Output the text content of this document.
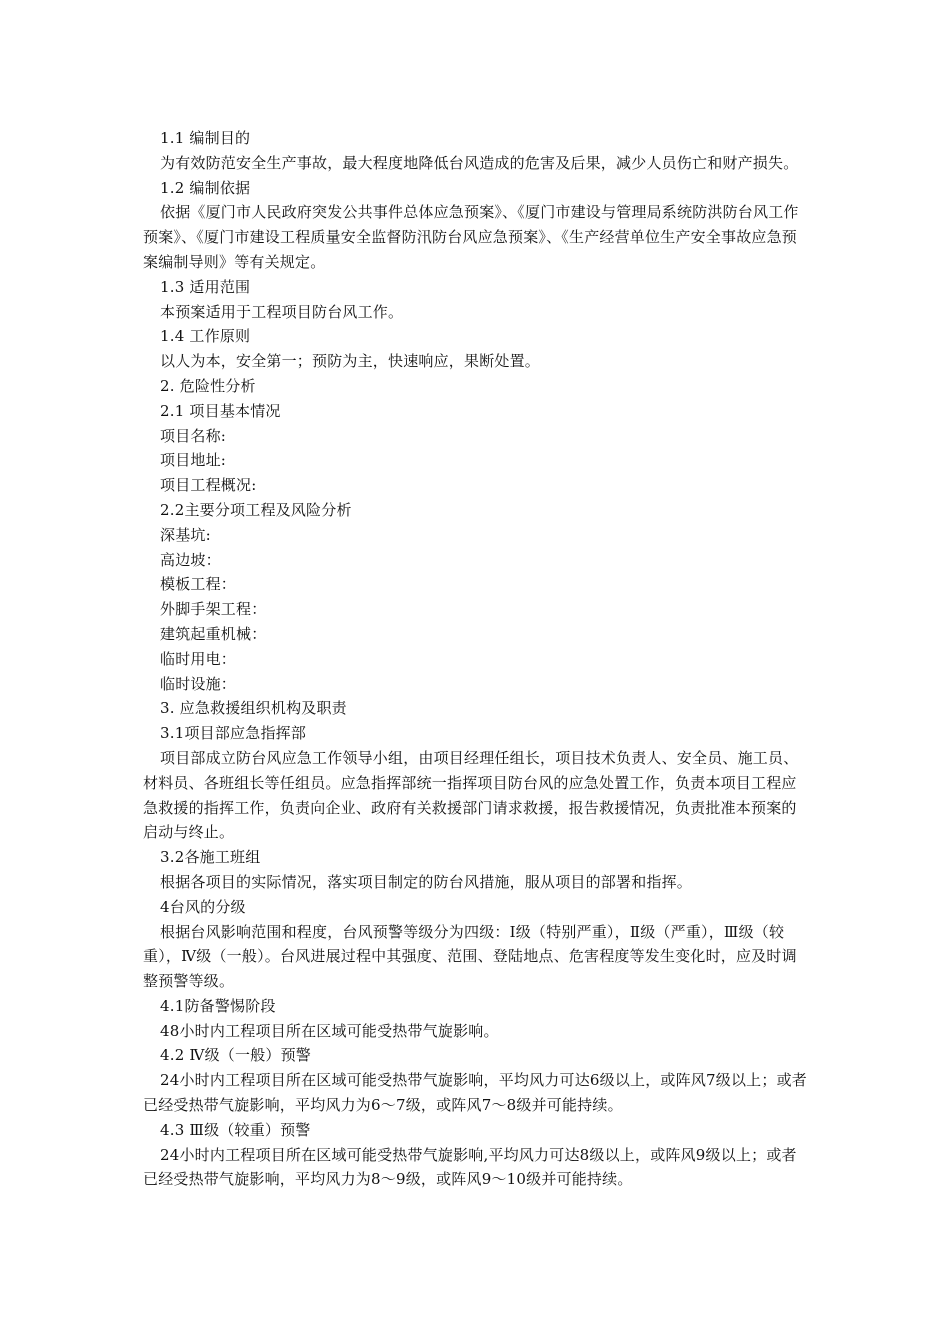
1.1 编制目的

为有效防范安全生产事故，最大程度地降低台风造成的危害及后果，减少人员伤亡和财产损失。

1.2 编制依据

依据《厦门市人民政府突发公共事件总体应急预案》、《厦门市建设与管理局系统防洪防台风工作预案》、《厦门市建设工程质量安全监督防汛防台风应急预案》、《生产经营单位生产安全事故应急预案编制导则》等有关规定。

1.3 适用范围

本预案适用于工程项目防台风工作。

1.4 工作原则

以人为本，安全第一；预防为主，快速响应，果断处置。

2. 危险性分析

2.1 项目基本情况

项目名称:

项目地址:

项目工程概况:

2.2主要分项工程及风险分析

深基坑:

高边坡：

模板工程：

外脚手架工程：

建筑起重机械：

临时用电：

临时设施：

3. 应急救援组织机构及职责

3.1项目部应急指挥部

项目部成立防台风应急工作领导小组，由项目经理任组长，项目技术负责人、安全员、施工员、材料员、各班组长等任组员。应急指挥部统一指挥项目防台风的应急处置工作，负责本项目工程应急救援的指挥工作，负责向企业、政府有关救援部门请求救援，报告救援情况，负责批准本预案的启动与终止。

3.2各施工班组

根据各项目的实际情况，落实项目制定的防台风措施，服从项目的部署和指挥。

4台风的分级

根据台风影响范围和程度，台风预警等级分为四级：Ⅰ级（特别严重），Ⅱ级（严重），Ⅲ级（较重），Ⅳ级（一般）。台风进展过程中其强度、范围、登陆地点、危害程度等发生变化时，应及时调整预警等级。

4.1防备警惕阶段

48小时内工程项目所在区域可能受热带气旋影响。

4.2 Ⅳ级（一般）预警

24小时内工程项目所在区域可能受热带气旋影响，平均风力可达6级以上，或阵风7级以上；或者已经受热带气旋影响，平均风力为6～7级，或阵风7～8级并可能持续。

4.3 Ⅲ级（较重）预警

24小时内工程项目所在区域可能受热带气旋影响,平均风力可达8级以上，或阵风9级以上；或者已经受热带气旋影响，平均风力为8～9级，或阵风9～10级并可能持续。
